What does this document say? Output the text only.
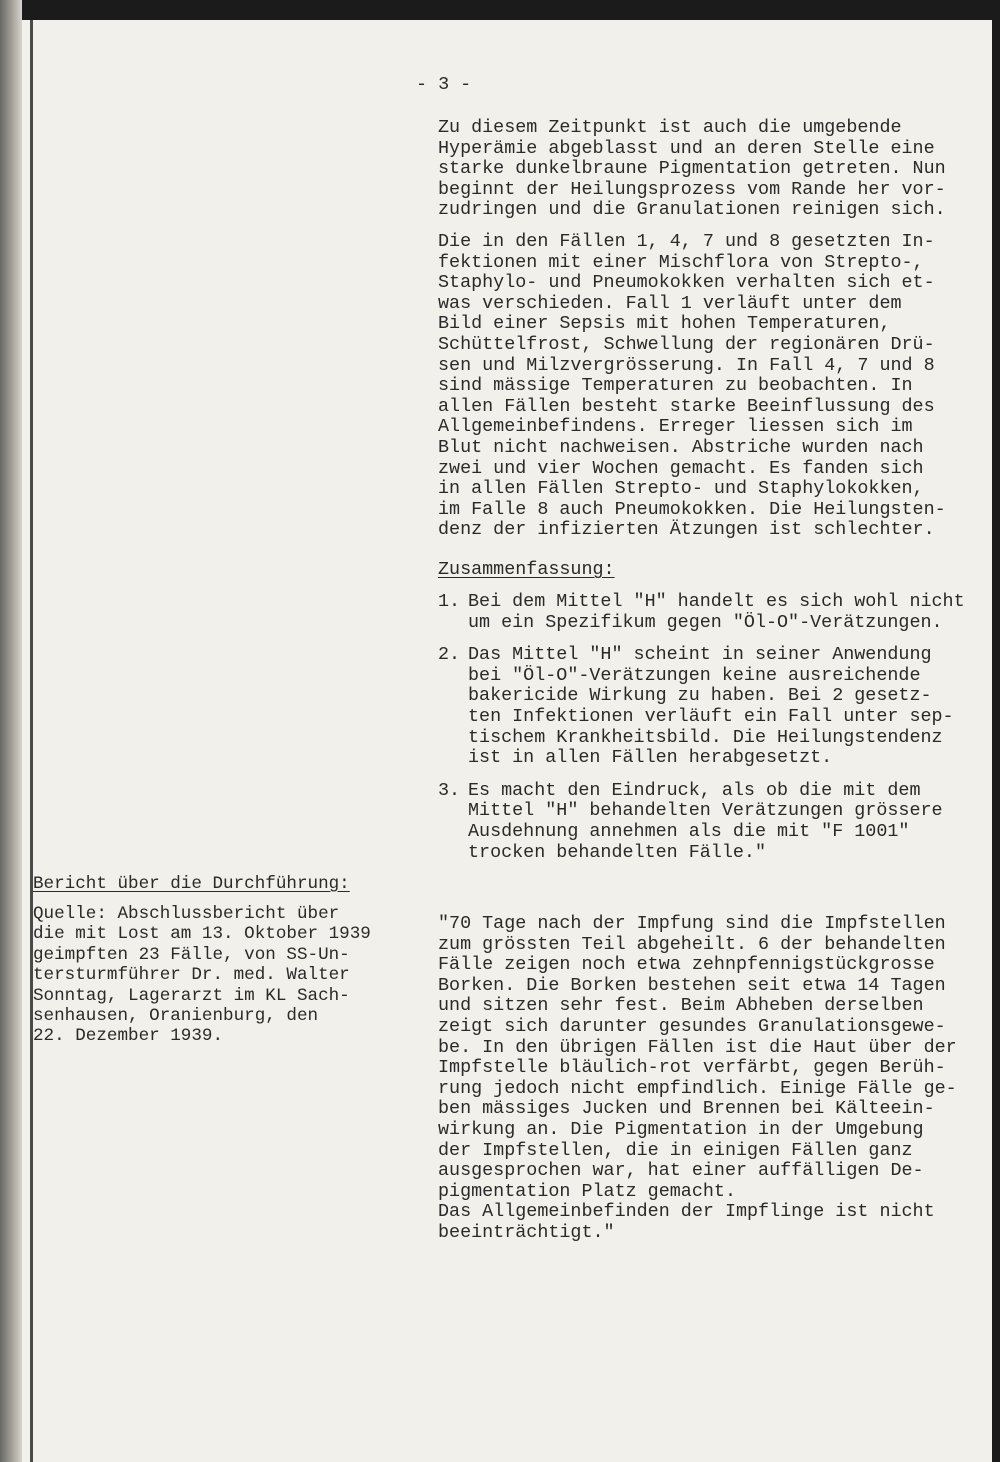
- 3 -
Zu diesem Zeitpunkt ist auch die umgebende
Hyperämie abgeblasst und an deren Stelle eine
starke dunkelbraune Pigmentation getreten. Nun
beginnt der Heilungsprozess vom Rande her vor-
zudringen und die Granulationen reinigen sich.
Die in den Fällen 1, 4, 7 und 8 gesetzten In-
fektionen mit einer Mischflora von Strepto-,
Staphylo- und Pneumokokken verhalten sich et-
was verschieden. Fall 1 verläuft unter dem
Bild einer Sepsis mit hohen Temperaturen,
Schüttelfrost, Schwellung der regionären Drü-
sen und Milzvergrösserung. In Fall 4, 7 und 8
sind mässige Temperaturen zu beobachten. In
allen Fällen besteht starke Beeinflussung des
Allgemeinbefindens. Erreger liessen sich im
Blut nicht nachweisen. Abstriche wurden nach
zwei und vier Wochen gemacht. Es fanden sich
in allen Fällen Strepto- und Staphylokokken,
im Falle 8 auch Pneumokokken. Die Heilungsten-
denz der infizierten Ätzungen ist schlechter.
Zusammenfassung:
1. Bei dem Mittel "H" handelt es sich wohl nicht
um ein Spezifikum gegen "Öl-O"-Verätzungen.
2. Das Mittel "H" scheint in seiner Anwendung
bei "Öl-O"-Verätzungen keine ausreichende
bakericide Wirkung zu haben. Bei 2 gesetz-
ten Infektionen verläuft ein Fall unter sep-
tischem Krankheitsbild. Die Heilungstendenz
ist in allen Fällen herabgesetzt.
3. Es macht den Eindruck, als ob die mit dem
Mittel "H" behandelten Verätzungen grössere
Ausdehnung annehmen als die mit "F 1001"
trocken behandelten Fälle."
"70 Tage nach der Impfung sind die Impfstellen
zum grössten Teil abgeheilt. 6 der behandelten
Fälle zeigen noch etwa zehnpfennigstückgrosse
Borken. Die Borken bestehen seit etwa 14 Tagen
und sitzen sehr fest. Beim Abheben derselben
zeigt sich darunter gesundes Granulationsgewe-
be. In den übrigen Fällen ist die Haut über der
Impfstelle bläulich-rot verfärbt, gegen Berüh-
rung jedoch nicht empfindlich. Einige Fälle ge-
ben mässiges Jucken und Brennen bei Kälteein-
wirkung an. Die Pigmentation in der Umgebung
der Impfstellen, die in einigen Fällen ganz
ausgesprochen war, hat einer auffälligen De-
pigmentation Platz gemacht.
Das Allgemeinbefinden der Impflinge ist nicht
beeinträchtigt."
Bericht über die Durchführung:
Quelle: Abschlussbericht über
die mit Lost am 13. Oktober 1939
geimpften 23 Fälle, von SS-Un-
tersturmführer Dr. med. Walter
Sonntag, Lagerarzt im KL Sach-
senhausen, Oranienburg, den
22. Dezember 1939.
